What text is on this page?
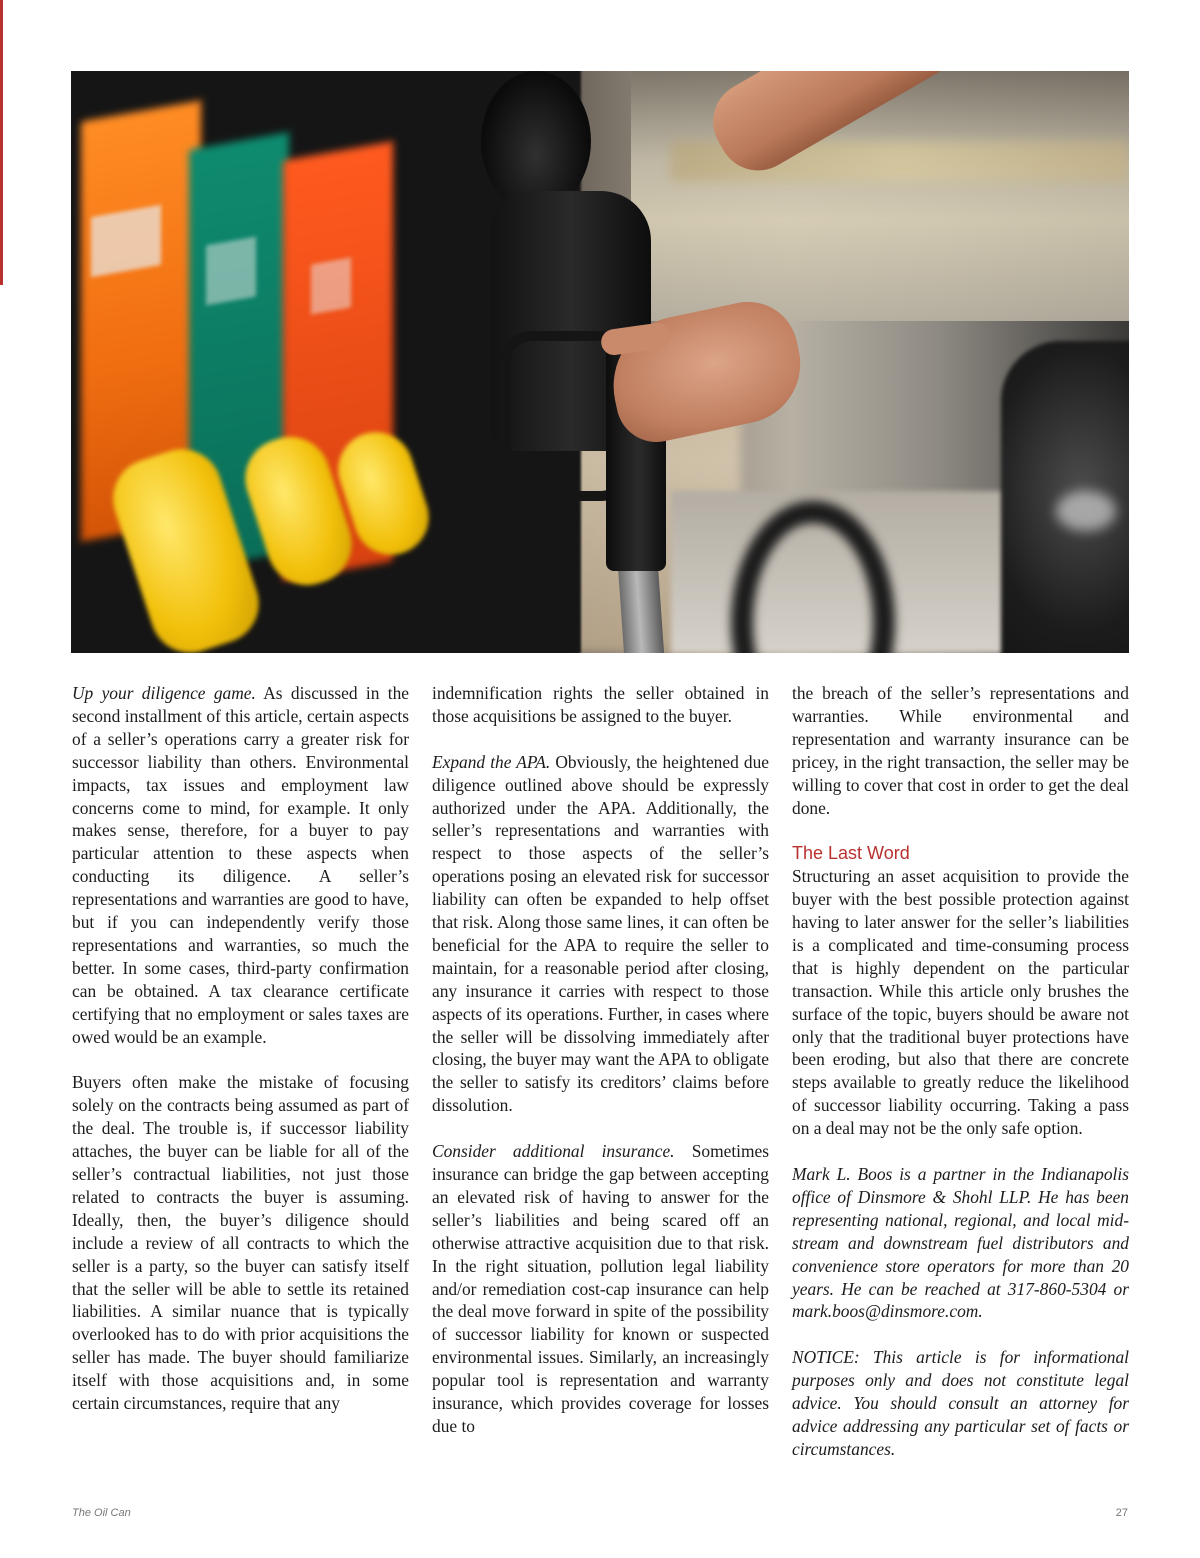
Up your diligence game. As discussed in the second installment of this article, certain aspects of a seller’s operations carry a greater risk for successor liability than others. Environmental impacts, tax issues and employment law concerns come to mind, for example. It only makes sense, therefore, for a buyer to pay particular attention to these aspects when conducting its diligence. A seller’s representations and warranties are good to have, but if you can independently verify those representations and warranties, so much the better. In some cases, third-party confirmation can be obtained. A tax clearance certificate certifying that no employment or sales taxes are owed would be an example.

Buyers often make the mistake of focusing solely on the contracts being assumed as part of the deal. The trouble is, if successor liability attaches, the buyer can be liable for all of the seller’s contractual liabilities, not just those related to contracts the buyer is assuming. Ideally, then, the buyer’s diligence should include a review of all contracts to which the seller is a party, so the buyer can satisfy itself that the seller will be able to settle its retained liabilities. A similar nuance that is typically overlooked has to do with prior acquisitions the seller has made. The buyer should familiarize itself with those acquisitions and, in some certain circumstances, require that any

indemnification rights the seller obtained in those acquisitions be assigned to the buyer.

Expand the APA. Obviously, the heightened due diligence outlined above should be expressly authorized under the APA. Additionally, the seller’s representations and warranties with respect to those aspects of the seller’s operations posing an elevated risk for successor liability can often be expanded to help offset that risk. Along those same lines, it can often be beneficial for the APA to require the seller to maintain, for a reasonable period after closing, any insurance it carries with respect to those aspects of its operations. Further, in cases where the seller will be dissolving immediately after closing, the buyer may want the APA to obligate the seller to satisfy its creditors’ claims before dissolution.

Consider additional insurance. Sometimes insurance can bridge the gap between accepting an elevated risk of having to answer for the seller’s liabilities and being scared off an otherwise attractive acquisition due to that risk. In the right situation, pollution legal liability and/or remediation cost-cap insurance can help the deal move forward in spite of the possibility of successor liability for known or suspected environmental issues. Similarly, an increasingly popular tool is representation and warranty insurance, which provides coverage for losses due to

the breach of the seller’s representations and warranties. While environmental and representation and warranty insurance can be pricey, in the right transaction, the seller may be willing to cover that cost in order to get the deal done.

The Last Word

Structuring an asset acquisition to provide the buyer with the best possible protection against having to later answer for the seller’s liabilities is a complicated and time-consuming process that is highly dependent on the particular transaction. While this article only brushes the surface of the topic, buyers should be aware not only that the traditional buyer protections have been eroding, but also that there are concrete steps available to greatly reduce the likelihood of successor liability occurring. Taking a pass on a deal may not be the only safe option.

Mark L. Boos is a partner in the Indianapolis office of Dinsmore & Shohl LLP. He has been representing national, regional, and local mid-stream and downstream fuel distributors and convenience store operators for more than 20 years. He can be reached at 317-860-5304 or mark.boos@dinsmore.com.

NOTICE: This article is for informational purposes only and does not constitute legal advice. You should consult an attorney for advice addressing any particular set of facts or circumstances.

The Oil Can	27
